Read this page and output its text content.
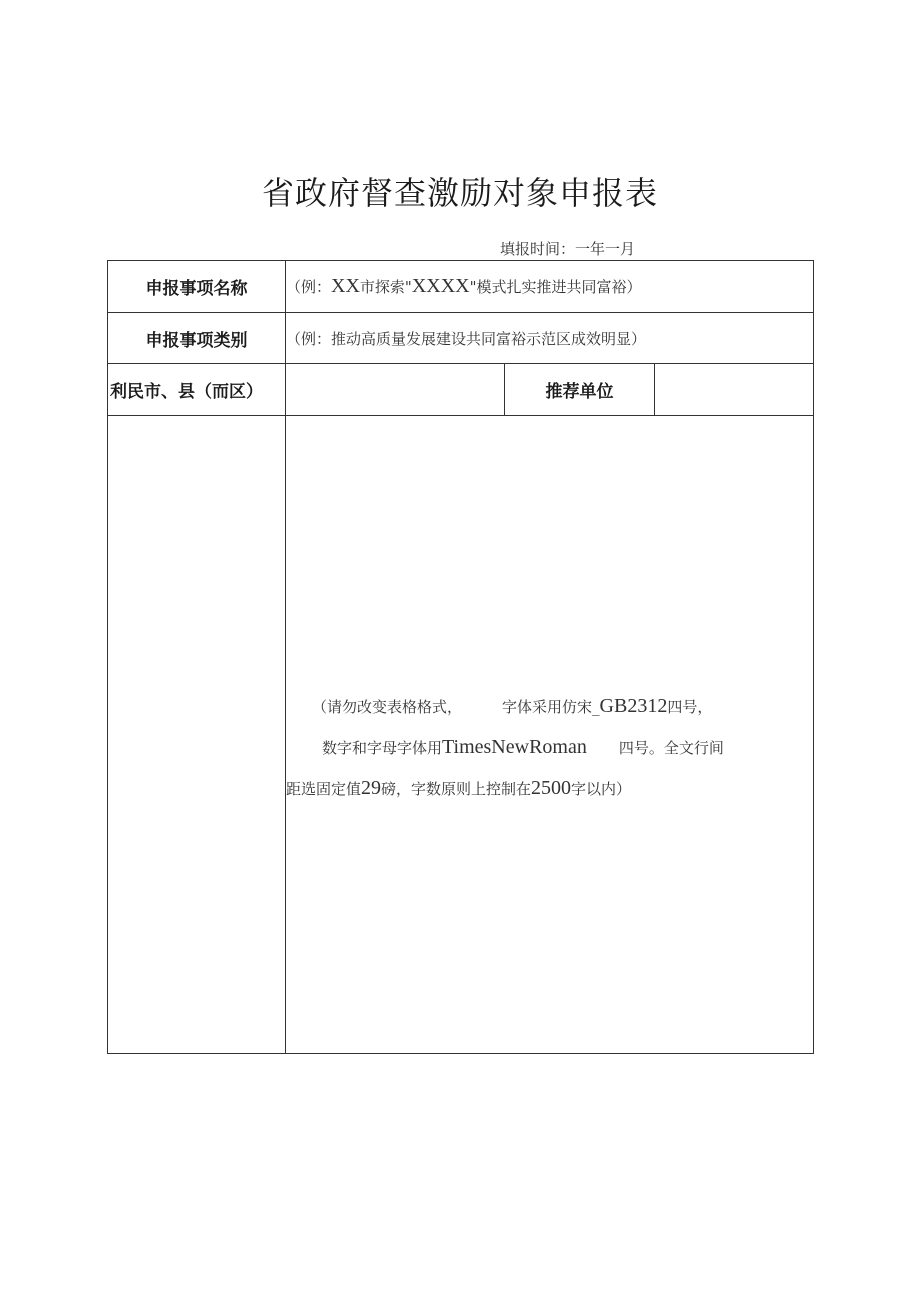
省政府督查激励对象申报表
填报时间：一年一月
申报事项名称	（例：XX市探索"XXXX"模式扎实推进共同富裕）		
申报事项类别	（例：推动高质量发展建设共同富裕示范区成效明显）		
利民市、县（而区）		推荐单位	

	（请勿改变表格格式， 字体采用仿宋_GB2312四号，
数字和字母字体用TimesNewRoman 四号。全文行间
距选固定值29磅，字数原则上控制在2500字以内）		
